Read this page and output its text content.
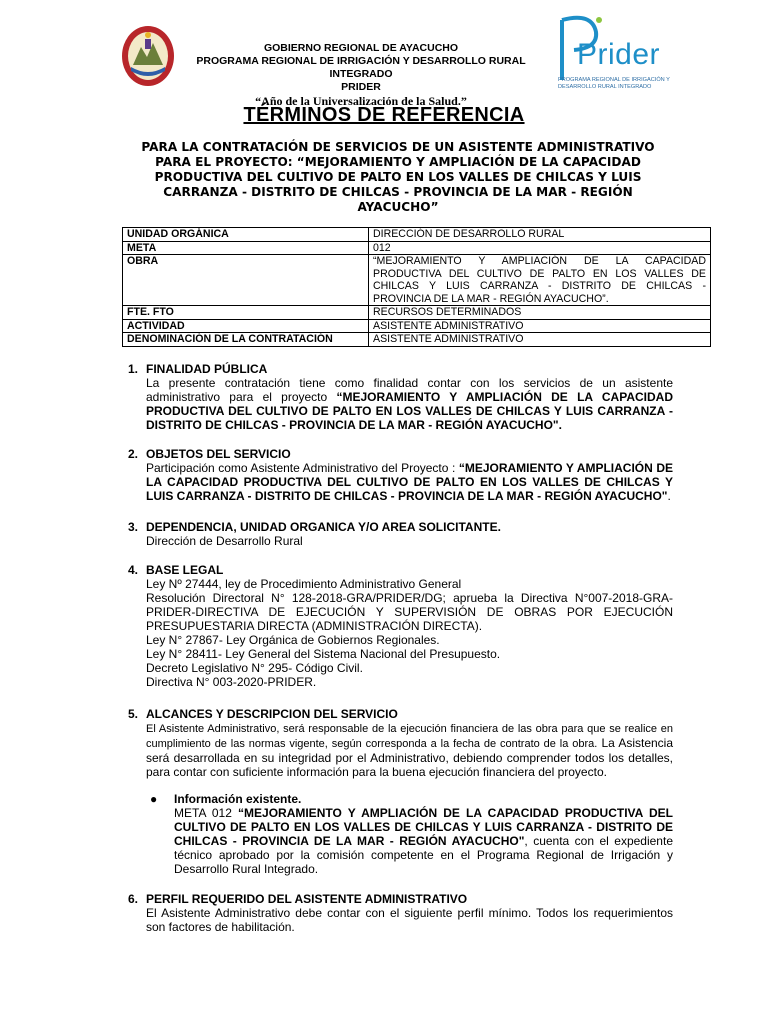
GOBIERNO REGIONAL DE AYACUCHO
PROGRAMA REGIONAL DE IRRIGACIÓN Y DESARROLLO RURAL INTEGRADO
PRIDER
“Año de la Universalización de la Salud.”
Prider
PROGRAMA REGIONAL DE IRRIGACIÓN Y DESARROLLO RURAL INTEGRADO
TÉRMINOS DE REFERENCIA
PARA LA CONTRATACIÓN DE SERVICIOS DE UN ASISTENTE ADMINISTRATIVO PARA EL PROYECTO: “MEJORAMIENTO Y AMPLIACIÓN DE LA CAPACIDAD PRODUCTIVA DEL CULTIVO DE PALTO EN LOS VALLES DE CHILCAS Y LUIS CARRANZA - DISTRITO DE CHILCAS - PROVINCIA DE LA MAR - REGIÓN AYACUCHO”
UNIDAD ORGÁNICA	DIRECCIÓN DE DESARROLLO RURAL
META	012
OBRA	“MEJORAMIENTO Y AMPLIACIÓN DE LA CAPACIDAD PRODUCTIVA DEL CULTIVO DE PALTO EN LOS VALLES DE CHILCAS Y LUIS CARRANZA - DISTRITO DE CHILCAS - PROVINCIA DE LA MAR - REGIÓN AYACUCHO”.
FTE. FTO	RECURSOS DETERMINADOS
ACTIVIDAD	ASISTENTE ADMINISTRATIVO
DENOMINACIÓN DE LA CONTRATACIÓN	ASISTENTE ADMINISTRATIVO
1. FINALIDAD PÚBLICA
La presente contratación tiene como finalidad contar con los servicios de un asistente administrativo para el proyecto “MEJORAMIENTO Y AMPLIACIÓN DE LA CAPACIDAD PRODUCTIVA DEL CULTIVO DE PALTO EN LOS VALLES DE CHILCAS Y LUIS CARRANZA - DISTRITO DE CHILCAS - PROVINCIA DE LA MAR - REGIÓN AYACUCHO".
2. OBJETOS DEL SERVICIO
Participación como Asistente Administrativo del Proyecto : “MEJORAMIENTO Y AMPLIACIÓN DE LA CAPACIDAD PRODUCTIVA DEL CULTIVO DE PALTO EN LOS VALLES DE CHILCAS Y LUIS CARRANZA - DISTRITO DE CHILCAS - PROVINCIA DE LA MAR - REGIÓN AYACUCHO".
3. DEPENDENCIA, UNIDAD ORGANICA Y/O AREA SOLICITANTE.
Dirección de Desarrollo Rural
4. BASE LEGAL
Ley Nº 27444, ley de Procedimiento Administrativo General
Resolución Directoral N° 128-2018-GRA/PRIDER/DG; aprueba la Directiva N°007-2018-GRA-PRIDER-DIRECTIVA DE EJECUCIÓN Y SUPERVISIÓN DE OBRAS POR EJECUCIÓN PRESUPUESTARIA DIRECTA (ADMINISTRACIÓN DIRECTA).
Ley N° 27867- Ley Orgánica de Gobiernos Regionales.
Ley N° 28411- Ley General del Sistema Nacional del Presupuesto.
Decreto Legislativo N° 295- Código Civil.
Directiva N° 003-2020-PRIDER.
5. ALCANCES Y DESCRIPCION DEL SERVICIO
El Asistente Administrativo, será responsable de la ejecución financiera de las obra para que se realice en cumplimiento de las normas vigente, según corresponda a la fecha de contrato de la obra. La Asistencia será desarrollada en su integridad por el Administrativo, debiendo comprender todos los detalles, para contar con suficiente información para la buena ejecución financiera del proyecto.
● Información existente.
META 012 “MEJORAMIENTO Y AMPLIACIÓN DE LA CAPACIDAD PRODUCTIVA DEL CULTIVO DE PALTO EN LOS VALLES DE CHILCAS Y LUIS CARRANZA - DISTRITO DE CHILCAS - PROVINCIA DE LA MAR - REGIÓN AYACUCHO", cuenta con el expediente técnico aprobado por la comisión competente en el Programa Regional de Irrigación y Desarrollo Rural Integrado.
6. PERFIL REQUERIDO DEL ASISTENTE ADMINISTRATIVO
El Asistente Administrativo debe contar con el siguiente perfil mínimo. Todos los requerimientos son factores de habilitación.
